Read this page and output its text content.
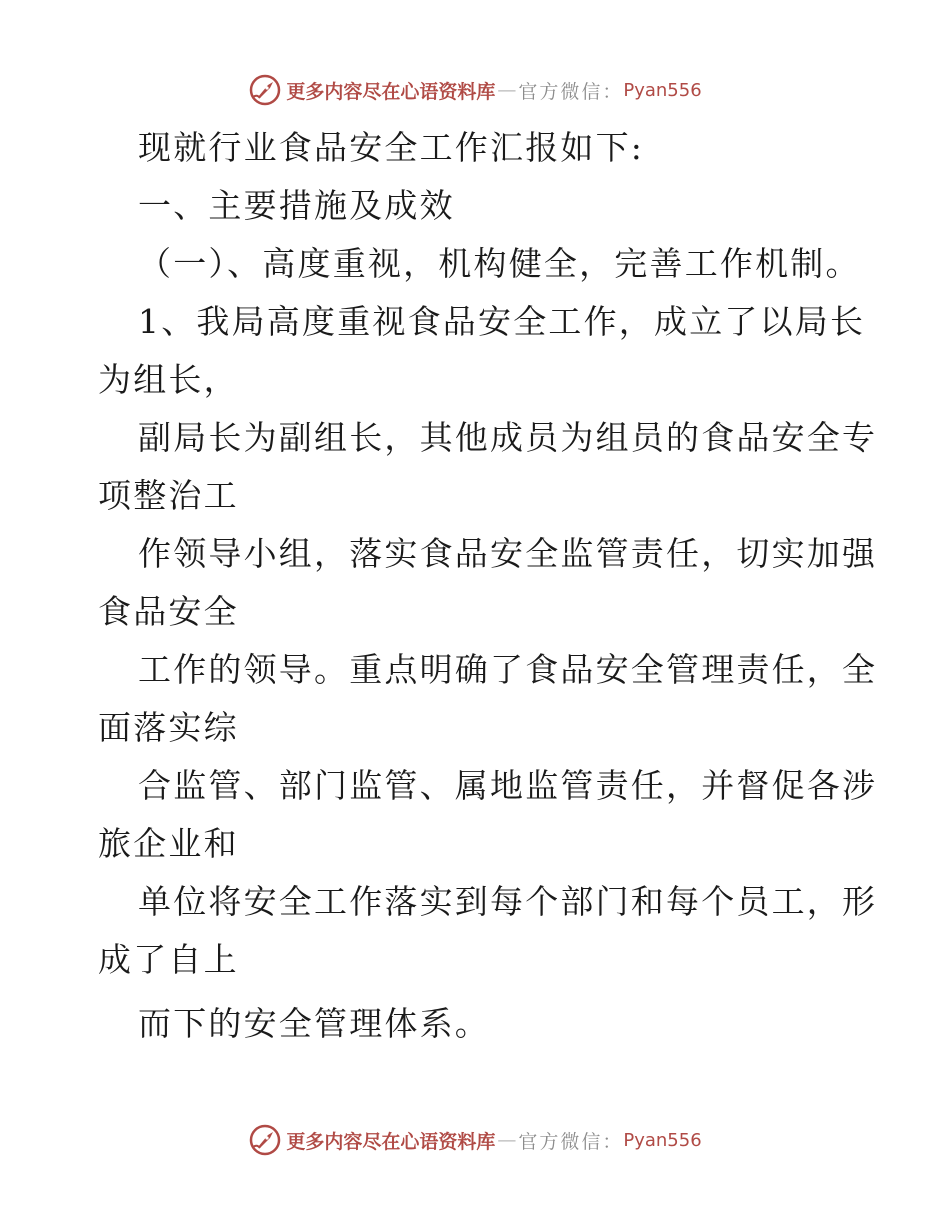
更多内容尽在心语资料库 — 官方微信： Pyan556
现就行业食品安全工作汇报如下:
一、主要措施及成效
（一）、高度重视，机构健全，完善工作机制。
1、我局高度重视食品安全工作，成立了以局长
为组长，
副局长为副组长，其他成员为组员的食品安全专
项整治工
作领导小组，落实食品安全监管责任，切实加强
食品安全
工作的领导。重点明确了食品安全管理责任，全
面落实综
合监管、部门监管、属地监管责任，并督促各涉
旅企业和
单位将安全工作落实到每个部门和每个员工，形
成了自上
而下的安全管理体系。
更多内容尽在心语资料库 — 官方微信： Pyan556
